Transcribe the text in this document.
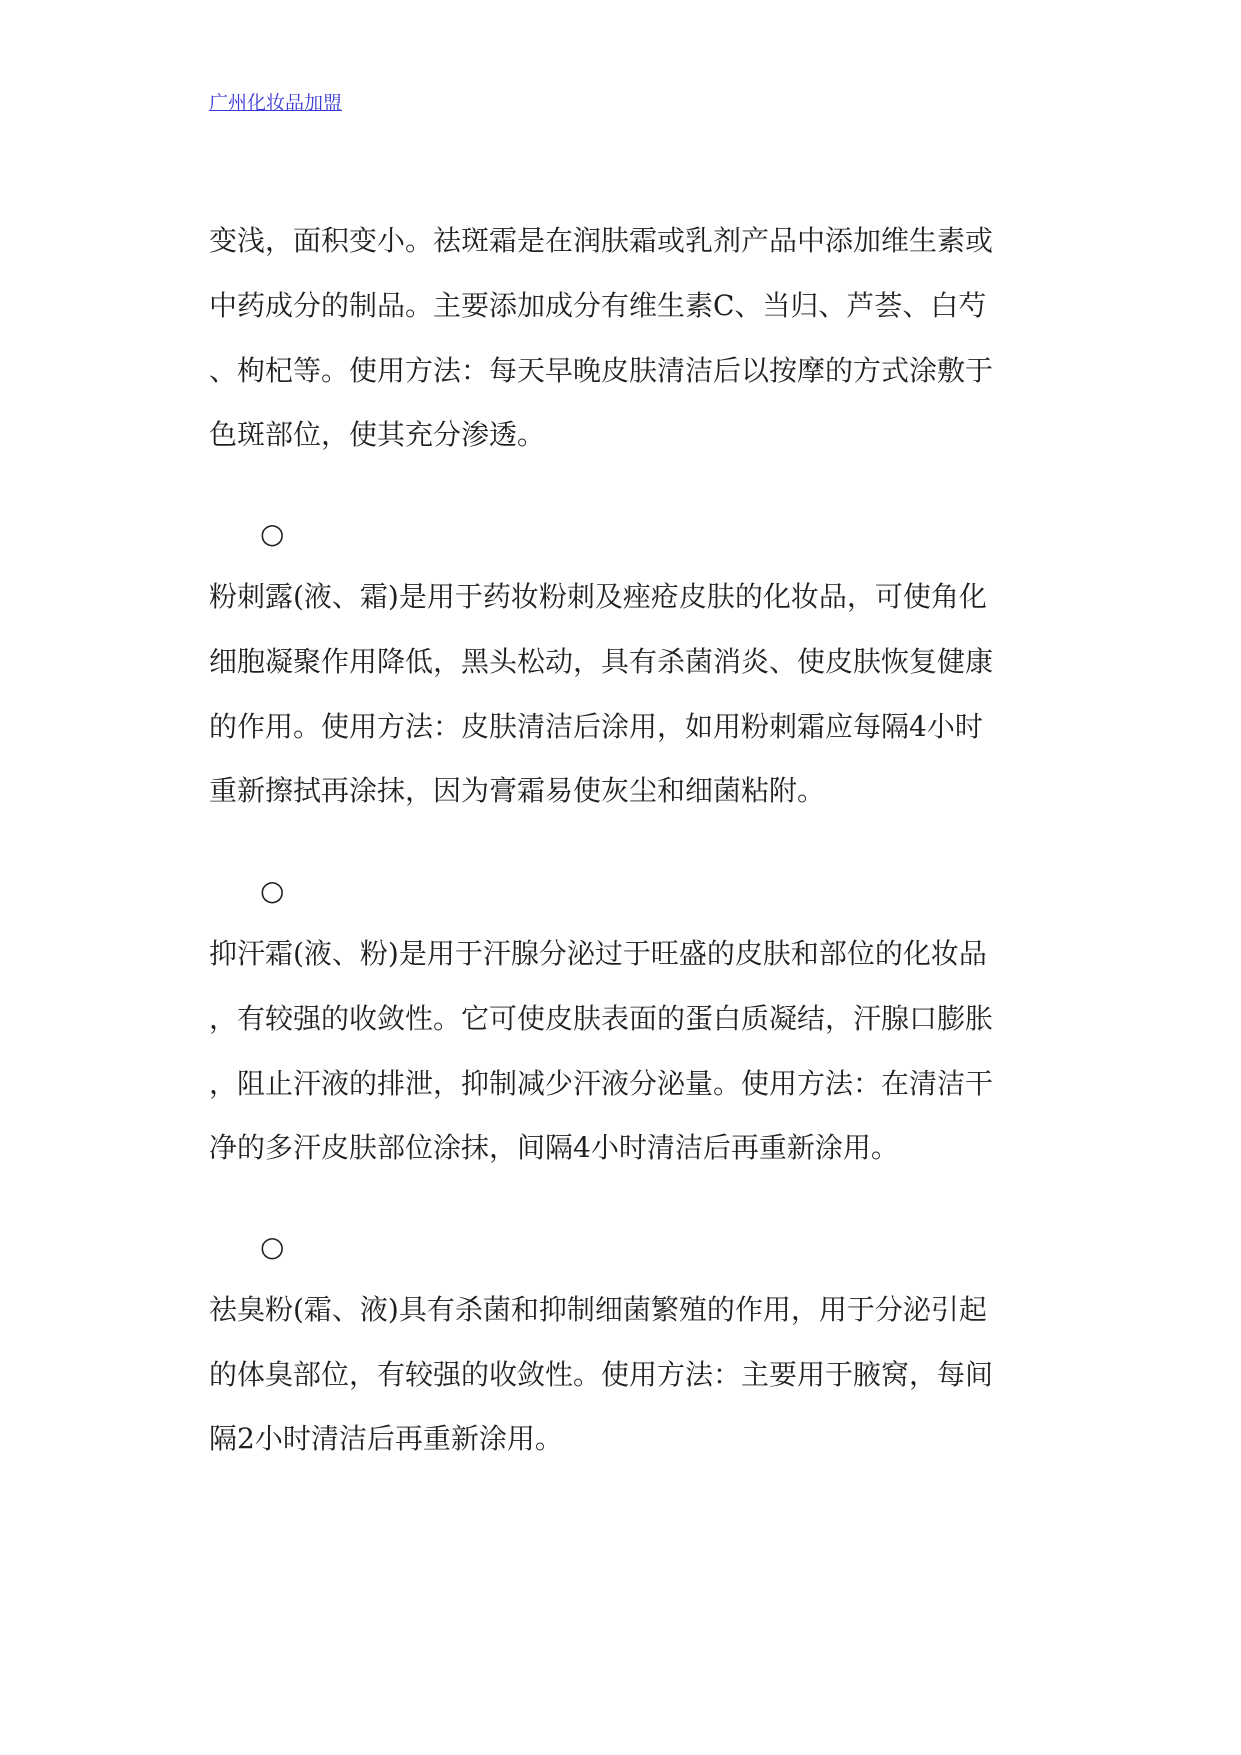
广州化妆品加盟
变浅，面积变小。祛斑霜是在润肤霜或乳剂产品中添加维生素或
中药成分的制品。主要添加成分有维生素C、当归、芦荟、白芍
、枸杞等。使用方法：每天早晚皮肤清洁后以按摩的方式涂敷于
色斑部位，使其充分渗透。
○
粉刺露(液、霜)是用于药妆粉刺及痤疮皮肤的化妆品，可使角化
细胞凝聚作用降低，黑头松动，具有杀菌消炎、使皮肤恢复健康
的作用。使用方法：皮肤清洁后涂用，如用粉刺霜应每隔4小时
重新擦拭再涂抹，因为膏霜易使灰尘和细菌粘附。
○
抑汗霜(液、粉)是用于汗腺分泌过于旺盛的皮肤和部位的化妆品
，有较强的收敛性。它可使皮肤表面的蛋白质凝结，汗腺口膨胀
，阻止汗液的排泄，抑制减少汗液分泌量。使用方法：在清洁干
净的多汗皮肤部位涂抹，间隔4小时清洁后再重新涂用。
○
祛臭粉(霜、液)具有杀菌和抑制细菌繁殖的作用，用于分泌引起
的体臭部位，有较强的收敛性。使用方法：主要用于腋窝，每间
隔2小时清洁后再重新涂用。
